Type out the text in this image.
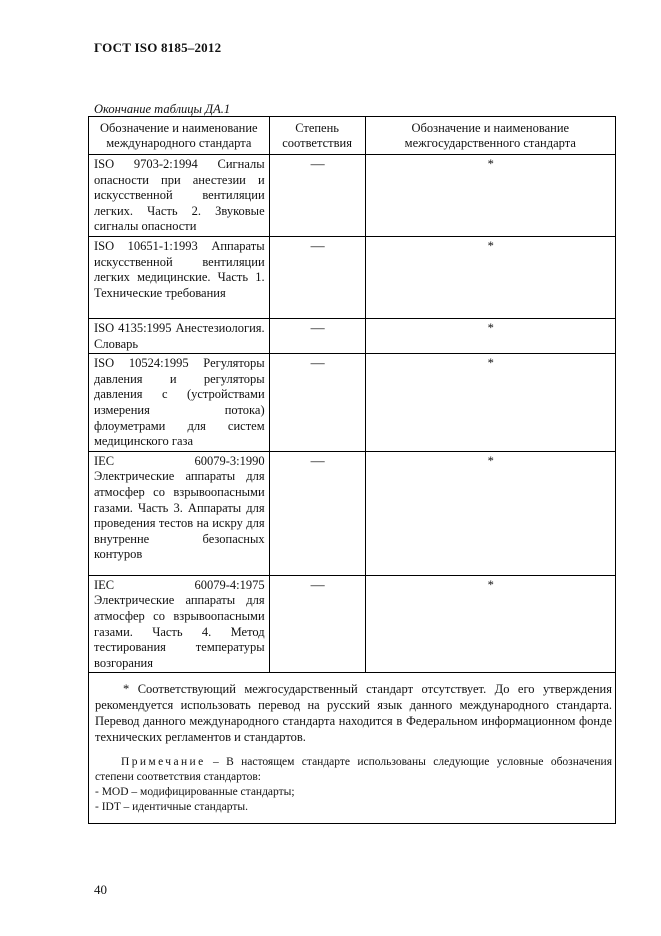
ГОСТ ISO 8185–2012
Окончание таблицы ДА.1
Обозначение и наименование международного стандарта	Степень соответствия	Обозначение и наименование межгосударственного стандарта
ISO 9703-2:1994 Сигналы опасности при анестезии и искусственной вентиляции легких. Часть 2. Звуковые сигналы опасности	—	*
ISO 10651-1:1993 Аппараты искусственной вентиляции легких медицинские. Часть 1. Технические требования	—	*
ISO 4135:1995 Анестезиология. Словарь	—	*
ISO 10524:1995 Регуляторы давления и регуляторы давления с (устройствами измерения потока) флоуметрами для систем медицинского газа	—	*
IEC 60079-3:1990 Электрические аппараты для атмосфер со взрывоопасными газами. Часть 3. Аппараты для проведения тестов на искру для внутренне безопасных контуров	—	*
IEC 60079-4:1975 Электрические аппараты для атмосфер со взрывоопасными газами. Часть 4. Метод тестирования температуры возгорания	—	*

* Соответствующий межгосударственный стандарт отсутствует. До его утверждения рекомендуется использовать перевод на русский язык данного международного стандарта. Перевод данного международного стандарта находится в Федеральном информационном фонде технических регламентов и стандартов.

Примечание – В настоящем стандарте использованы следующие условные обозначения степени соответствия стандартов:

- MOD – модифицированные стандарты;

- IDT – идентичные стандарты.		

40
